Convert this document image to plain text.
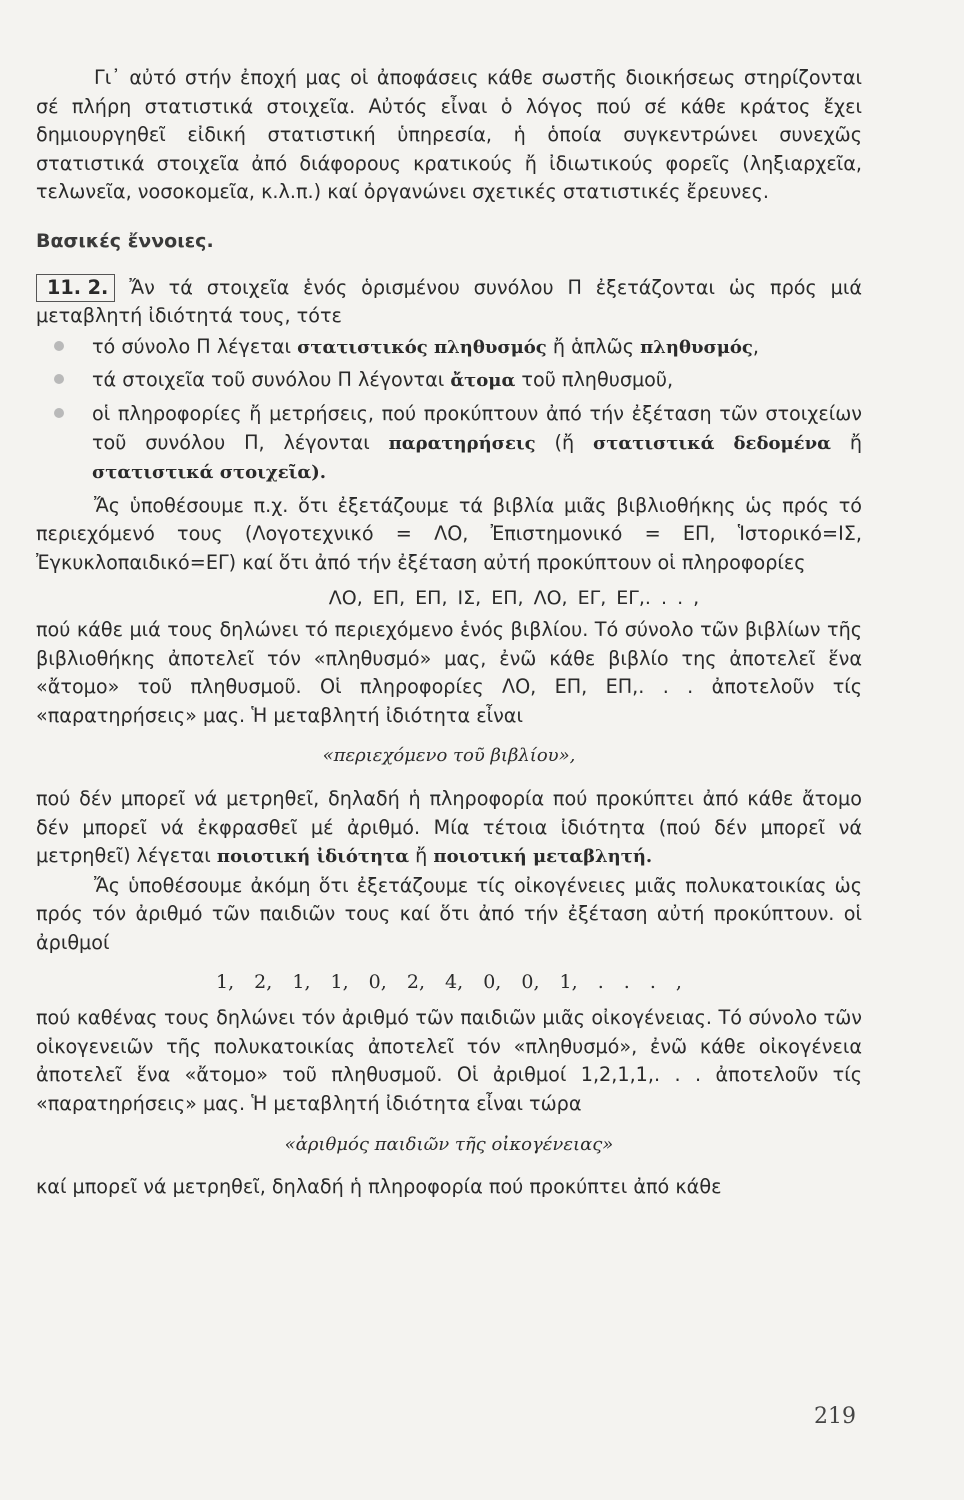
Γι᾽ αὐτό στήν ἐποχή μας οἱ ἀποφάσεις κάθε σωστῆς διοικήσεως στηρίζονται σέ πλήρη στατιστικά στοιχεῖα. Αὐτός εἶναι ὁ λόγος πού σέ κάθε κράτος ἔχει δημιουργηθεῖ εἰδική στατιστική ὑπηρεσία, ἡ ὁποία συγκεντρώνει συνεχῶς στατιστικά στοιχεῖα ἀπό διάφορους κρατικούς ἤ ἰδιωτικούς φορεῖς (ληξιαρχεῖα, τελωνεῖα, νοσοκομεῖα, κ.λ.π.) καί ὀργανώνει σχετικές στατιστικές ἔρευνες.

Βασικές ἔννοιες.

11. 2. Ἄν τά στοιχεῖα ἑνός ὁρισμένου συνόλου Π ἐξετάζονται ὡς πρός μιά μεταβλητή ἰδιότητά τους, τότε

τό σύνολο Π λέγεται στατιστικός πληθυσμός ἤ ἁπλῶς πληθυσμός,
τά στοιχεῖα τοῦ συνόλου Π λέγονται ἄτομα τοῦ πληθυσμοῦ,
οἱ πληροφορίες ἤ μετρήσεις, πού προκύπτουν ἀπό τήν ἐξέταση τῶν στοιχείων τοῦ συνόλου Π, λέγονται παρατηρήσεις (ἤ στατιστικά δεδομένα ἤ στατιστικά στοιχεῖα).

Ἄς ὑποθέσουμε π.χ. ὅτι ἐξετάζουμε τά βιβλία μιᾶς βιβλιοθήκης ὡς πρός τό περιεχόμενό τους (Λογοτεχνικό = ΛΟ, Ἐπιστημονικό = ΕΠ, Ἱστορικό=ΙΣ, Ἐγκυκλοπαιδικό=ΕΓ) καί ὅτι ἀπό τήν ἐξέταση αὐτή προκύπτουν οἱ πληροφορίες

ΛΟ, ΕΠ, ΕΠ, ΙΣ, ΕΠ, ΛΟ, ΕΓ, ΕΓ,. . . ,

πού κάθε μιά τους δηλώνει τό περιεχόμενο ἑνός βιβλίου. Τό σύνολο τῶν βιβλίων τῆς βιβλιοθήκης ἀποτελεῖ τόν «πληθυσμό» μας, ἐνῶ κάθε βιβλίο της ἀποτελεῖ ἕνα «ἄτομο» τοῦ πληθυσμοῦ. Οἱ πληροφορίες ΛΟ, ΕΠ, ΕΠ,. . . ἀποτελοῦν τίς «παρατηρήσεις» μας. Ἡ μεταβλητή ἰδιότητα εἶναι

«περιεχόμενο τοῦ βιβλίου»,

πού δέν μπορεῖ νά μετρηθεῖ, δηλαδή ἡ πληροφορία πού προκύπτει ἀπό κάθε ἄτομο δέν μπορεῖ νά ἐκφρασθεῖ μέ ἀριθμό. Μία τέτοια ἰδιότητα (πού δέν μπορεῖ νά μετρηθεῖ) λέγεται ποιοτική ἰδιότητα ἤ ποιοτική μεταβλητή.

Ἄς ὑποθέσουμε ἀκόμη ὅτι ἐξετάζουμε τίς οἰκογένειες μιᾶς πολυκατοικίας ὡς πρός τόν ἀριθμό τῶν παιδιῶν τους καί ὅτι ἀπό τήν ἐξέταση αὐτή προκύπτουν. οἱ ἀριθμοί

1, 2, 1, 1, 0, 2, 4, 0, 0, 1, . . . ,

πού καθένας τους δηλώνει τόν ἀριθμό τῶν παιδιῶν μιᾶς οἰκογένειας. Τό σύνολο τῶν οἰκογενειῶν τῆς πολυκατοικίας ἀποτελεῖ τόν «πληθυσμό», ἐνῶ κάθε οἰκογένεια ἀποτελεῖ ἕνα «ἄτομο» τοῦ πληθυσμοῦ. Οἱ ἀριθμοί 1,2,1,1,. . . ἀποτελοῦν τίς «παρατηρήσεις» μας. Ἡ μεταβλητή ἰδιότητα εἶναι τώρα

«ἀριθμός παιδιῶν τῆς οἰκογένειας»

καί μπορεῖ νά μετρηθεῖ, δηλαδή ἡ πληροφορία πού προκύπτει ἀπό κάθε

219
